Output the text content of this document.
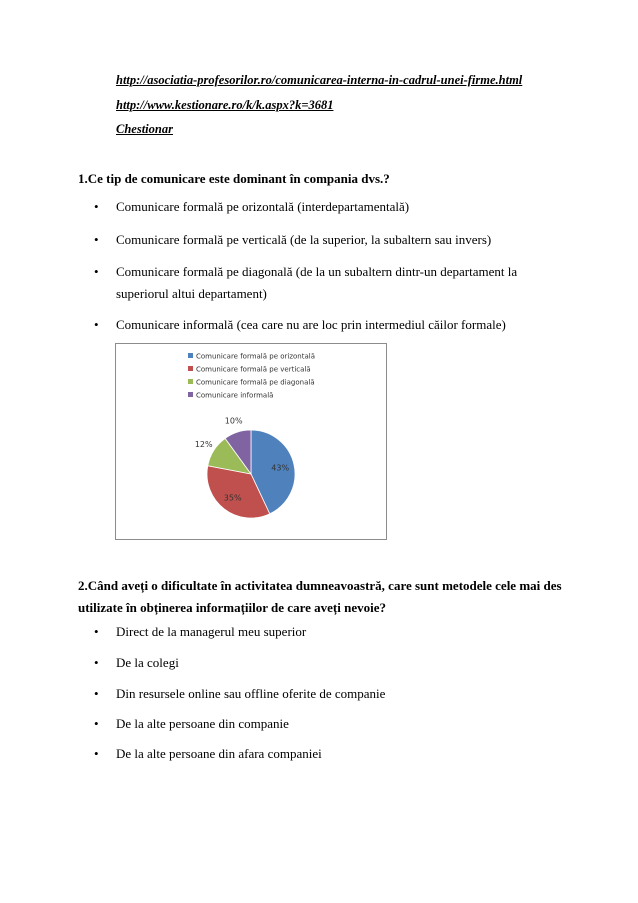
http://asociatia-profesorilor.ro/comunicarea-interna-in-cadrul-unei-firme.html
http://www.kestionare.ro/k/k.aspx?k=3681
Chestionar
1.Ce tip de comunicare este dominant în compania dvs.?
• Comunicare formală pe orizontală (interdepartamentală)
• Comunicare formală pe verticală (de la superior, la subaltern sau invers)
• Comunicare formală pe diagonală (de la un subaltern dintr-un departament la
superiorul altui departament)
• Comunicare informală (cea care nu are loc prin intermediul căilor formale)
Comunicare formală pe orizontală
Comunicare formală pe verticală
Comunicare formală pe diagonală
Comunicare informală
43%
35%
12%
10%
2.Când aveți o dificultate în activitatea dumneavoastră, care sunt metodele cele mai des
utilizate în obținerea informațiilor de care aveți nevoie?
• Direct de la managerul meu superior
• De la colegi
• Din resursele online sau offline oferite de companie
• De la alte persoane din companie
• De la alte persoane din afara companiei
